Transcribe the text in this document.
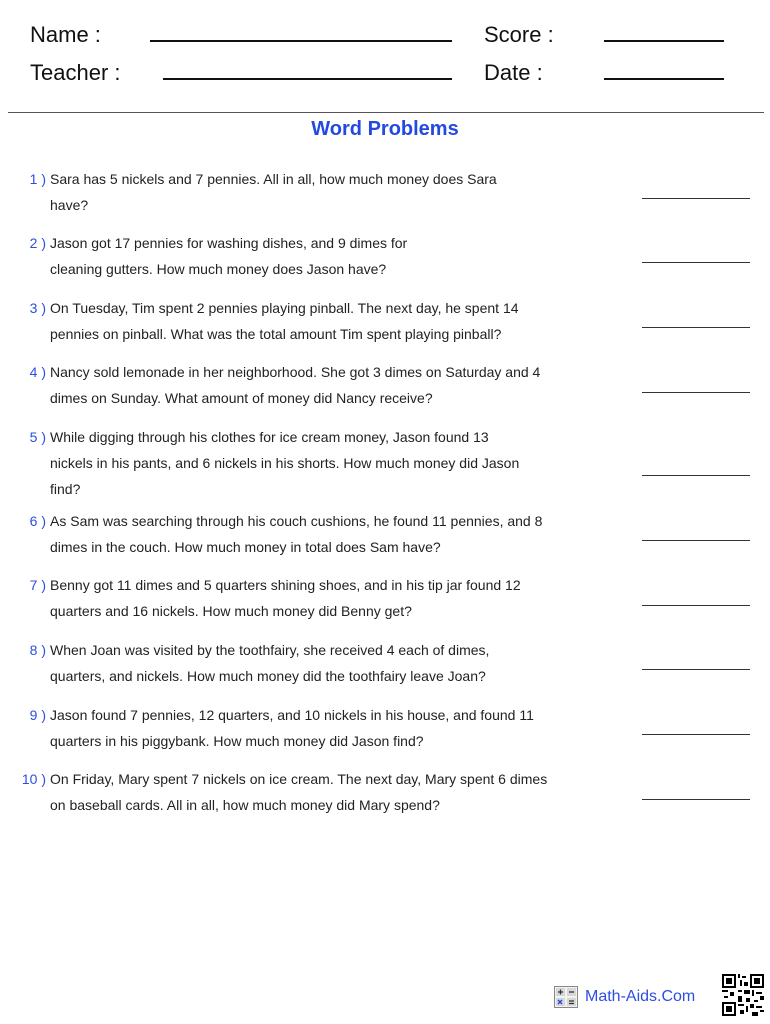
Name :
Teacher :
Score :
Date :
Word Problems
1 ) Sara has 5 nickels and 7 pennies. All in all, how much money does Sara have?
2 ) Jason got 17 pennies for washing dishes, and 9 dimes for cleaning gutters. How much money does Jason have?
3 ) On Tuesday, Tim spent 2 pennies playing pinball. The next day, he spent 14 pennies on pinball. What was the total amount Tim spent playing pinball?
4 ) Nancy sold lemonade in her neighborhood. She got 3 dimes on Saturday and 4 dimes on Sunday. What amount of money did Nancy receive?
5 ) While digging through his clothes for ice cream money, Jason found 13 nickels in his pants, and 6 nickels in his shorts. How much money did Jason find?
6 ) As Sam was searching through his couch cushions, he found 11 pennies, and 8 dimes in the couch. How much money in total does Sam have?
7 ) Benny got 11 dimes and 5 quarters shining shoes, and in his tip jar found 12 quarters and 16 nickels. How much money did Benny get?
8 ) When Joan was visited by the toothfairy, she received 4 each of dimes, quarters, and nickels. How much money did the toothfairy leave Joan?
9 ) Jason found 7 pennies, 12 quarters, and 10 nickels in his house, and found 11 quarters in his piggybank. How much money did Jason find?
10 ) On Friday, Mary spent 7 nickels on ice cream. The next day, Mary spent 6 dimes on baseball cards. All in all, how much money did Mary spend?
Math-Aids.Com
